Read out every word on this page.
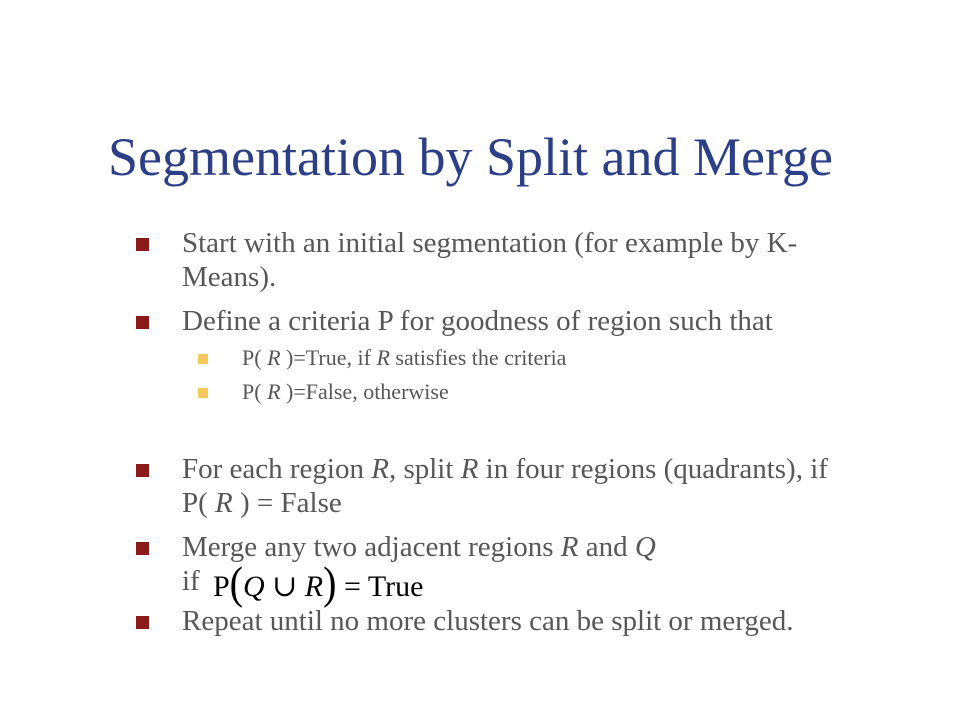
Segmentation by Split and Merge
Start with an initial segmentation (for example by K-
Means).
Define a criteria P for goodness of region such that
P( R )=True, if R satisfies the criteria
P( R )=False, otherwise
For each region R, split R in four regions (quadrants), if
P( R ) = False
Merge any two adjacent regions R and Q
if P(Q ∪ R) = True
Repeat until no more clusters can be split or merged.
